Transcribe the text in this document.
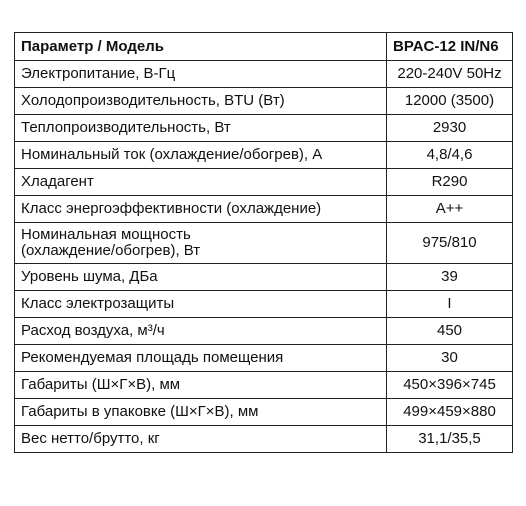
Параметр / Модель	BPAC-12 IN/N6
Электропитание, В-Гц	220-240V 50Hz
Холодопроизводительность, BTU (Вт)	12000 (3500)
Теплопроизводительность, Вт	2930
Номинальный ток (охлаждение/обогрев), А	4,8/4,6
Хладагент	R290
Класс энергоэффективности (охлаждение)	A++
Номинальная мощность
(охлаждение/обогрев), Вт	975/810
Уровень шума, ДБа	39
Класс электрозащиты	I
Расход воздуха, м³/ч	450
Рекомендуемая площадь помещения	30
Габариты (Ш×Г×В), мм	450×396×745
Габариты в упаковке (Ш×Г×В), мм	499×459×880
Вес нетто/брутто, кг	31,1/35,5
